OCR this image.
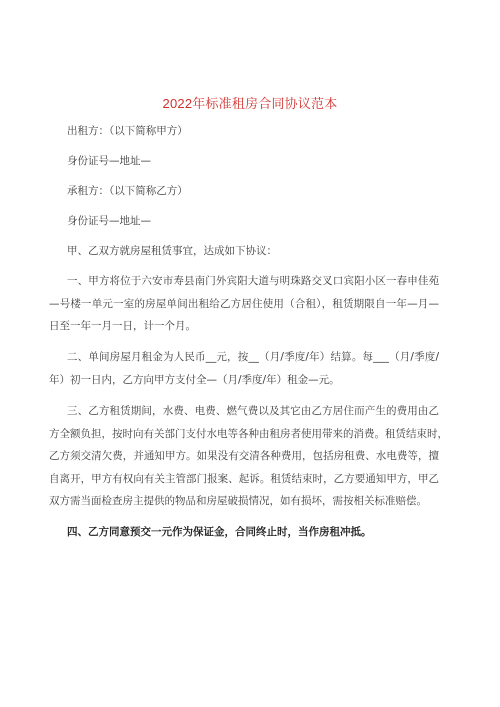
2022年标准租房合同协议范本
出租方：（以下简称甲方）
身份证号—地址—
承租方：（以下简称乙方）
身份证号—地址—
甲、乙双方就房屋租赁事宜，达成如下协议：
一、甲方将位于六安市寿县南门外宾阳大道与明珠路交叉口宾阳小区一春申佳苑
—号楼一单元一室的房屋单间出租给乙方居住使用（合租），租赁期限自一年—月—
日至一年一月一日，计一个月。
二、单间房屋月租金为人民币__元，按__（月/季度/年）结算。每___（月/季度/
年）初一日内，乙方向甲方支付全—（月/季度/年）租金—元。
三、乙方租赁期间，水费、电费、燃气费以及其它由乙方居住而产生的费用由乙
方全额负担，按时向有关部门支付水电等各种由租房者使用带来的消费。租赁结束时，
乙方须交清欠费，并通知甲方。如果没有交清各种费用，包括房租费、水电费等，擅
自离开，甲方有权向有关主管部门报案、起诉。租赁结束时，乙方要通知甲方，甲乙
双方需当面检查房主提供的物品和房屋破损情况，如有损坏，需按相关标准赔偿。
四、乙方同意预交一元作为保证金，合同终止时，当作房租冲抵。
